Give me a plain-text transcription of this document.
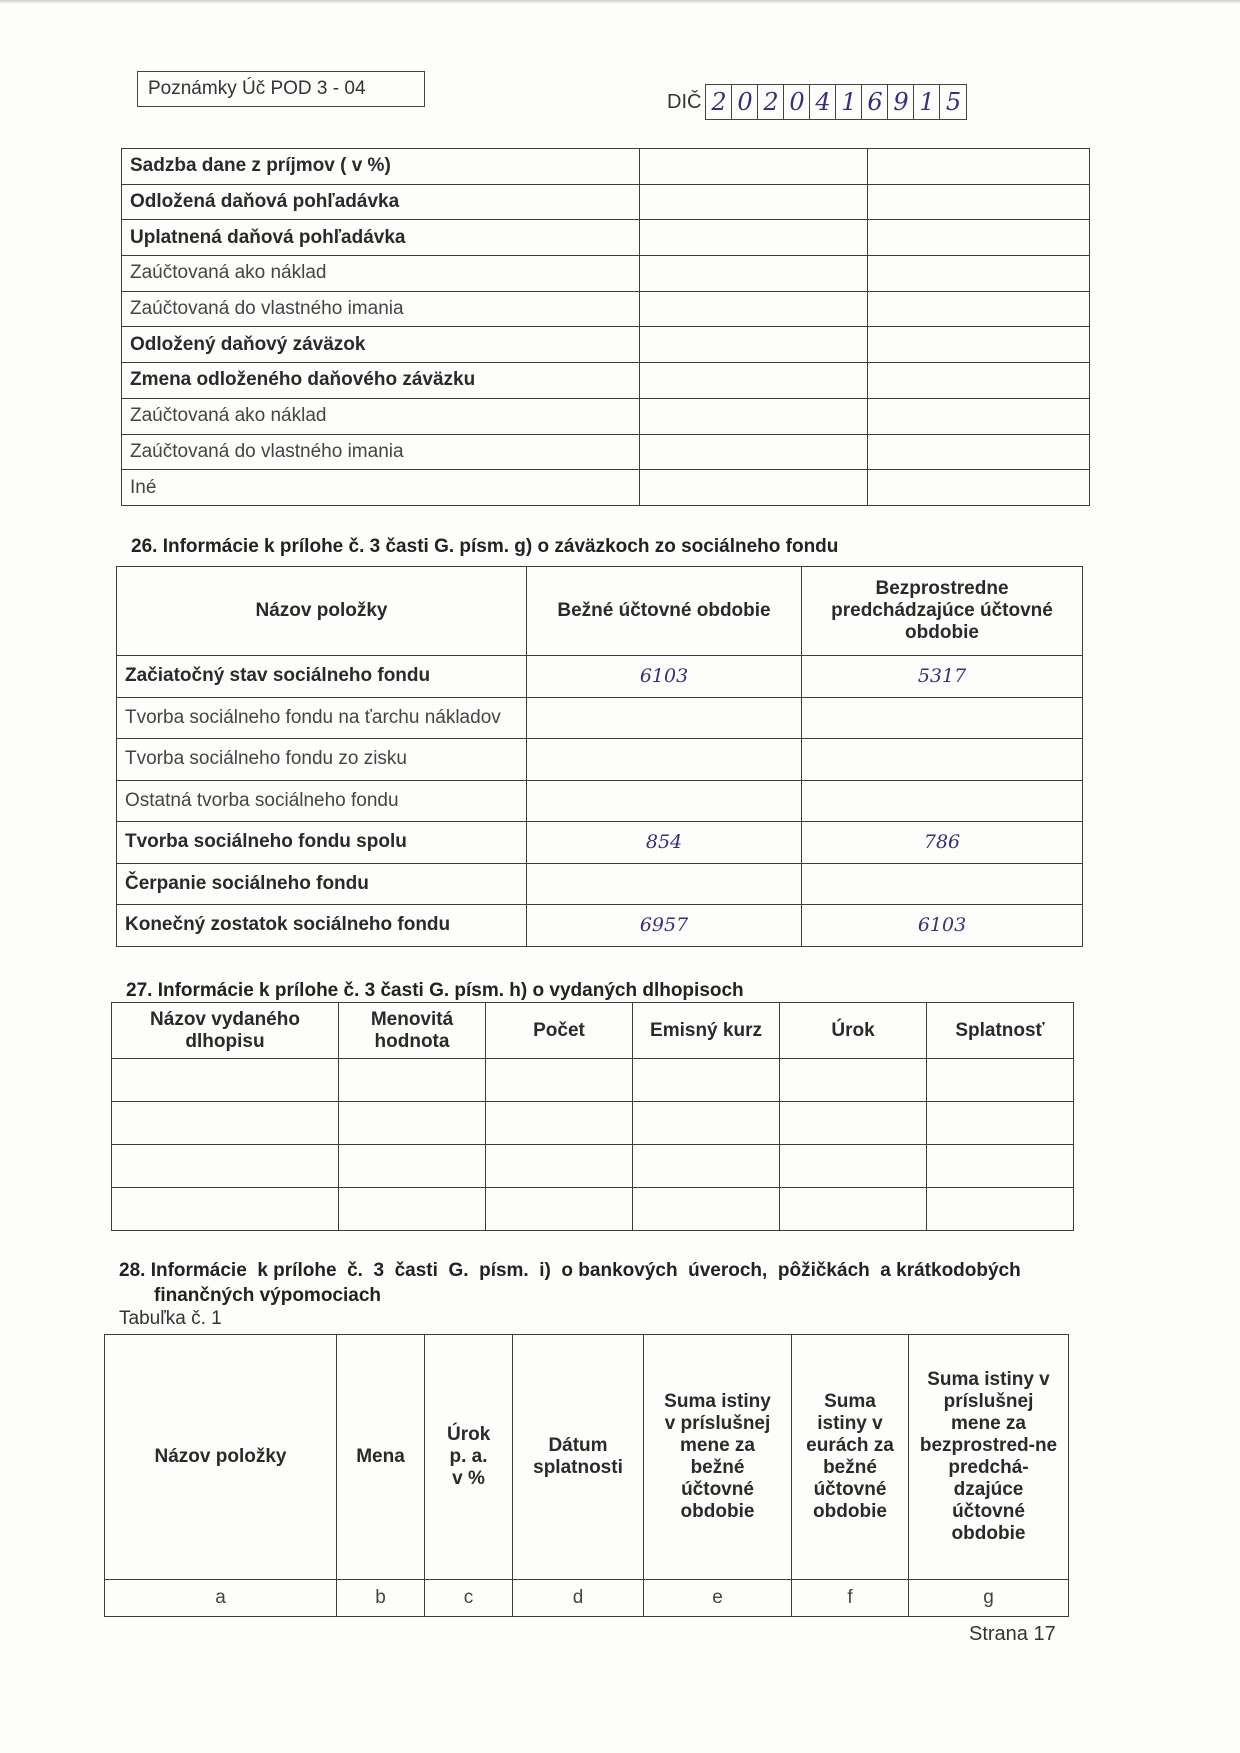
Poznámky Úč POD 3 - 04
DIČ 2 0 2 0 4 1 6 9 1 5
Sadzba dane z príjmov ( v %)		
Odložená daňová pohľadávka		
Uplatnená daňová pohľadávka		
Zaúčtovaná ako náklad		
Zaúčtovaná do vlastného imania		
Odložený daňový záväzok		
Zmena odloženého daňového záväzku		
Zaúčtovaná ako náklad		
Zaúčtovaná do vlastného imania		
Iné		
26. Informácie k prílohe č. 3 časti G. písm. g) o záväzkoch zo sociálneho fondu
Názov položky	Bežné účtovné obdobie	Bezprostredne predchádzajúce účtovné obdobie
Začiatočný stav sociálneho fondu	6103	5317
Tvorba sociálneho fondu na ťarchu nákladov		
Tvorba sociálneho fondu zo zisku		
Ostatná tvorba sociálneho fondu		
Tvorba sociálneho fondu spolu	854	786
Čerpanie sociálneho fondu		
Konečný zostatok sociálneho fondu	6957	6103
27. Informácie k prílohe č. 3 časti G. písm. h) o vydaných dlhopisoch
Názov vydaného dlhopisu	Menovitá hodnota	Počet	Emisný kurz	Úrok	Splatnosť

28. Informácie  k prílohe  č.  3  časti  G.  písm.  i)  o bankových  úveroch,  pôžičkách  a krátkodobých
finančných výpomociach
Tabuľka č. 1
Názov položky	Mena	Úrok p. a. v %	Dátum splatnosti	Suma istiny v príslušnej mene za bežné účtovné obdobie	Suma istiny v eurách za bežné účtovné obdobie	Suma istiny v príslušnej mene za bezprostred-ne predchá-dzajúce účtovné obdobie
a	b	c	d	e	f	g
Strana 17
